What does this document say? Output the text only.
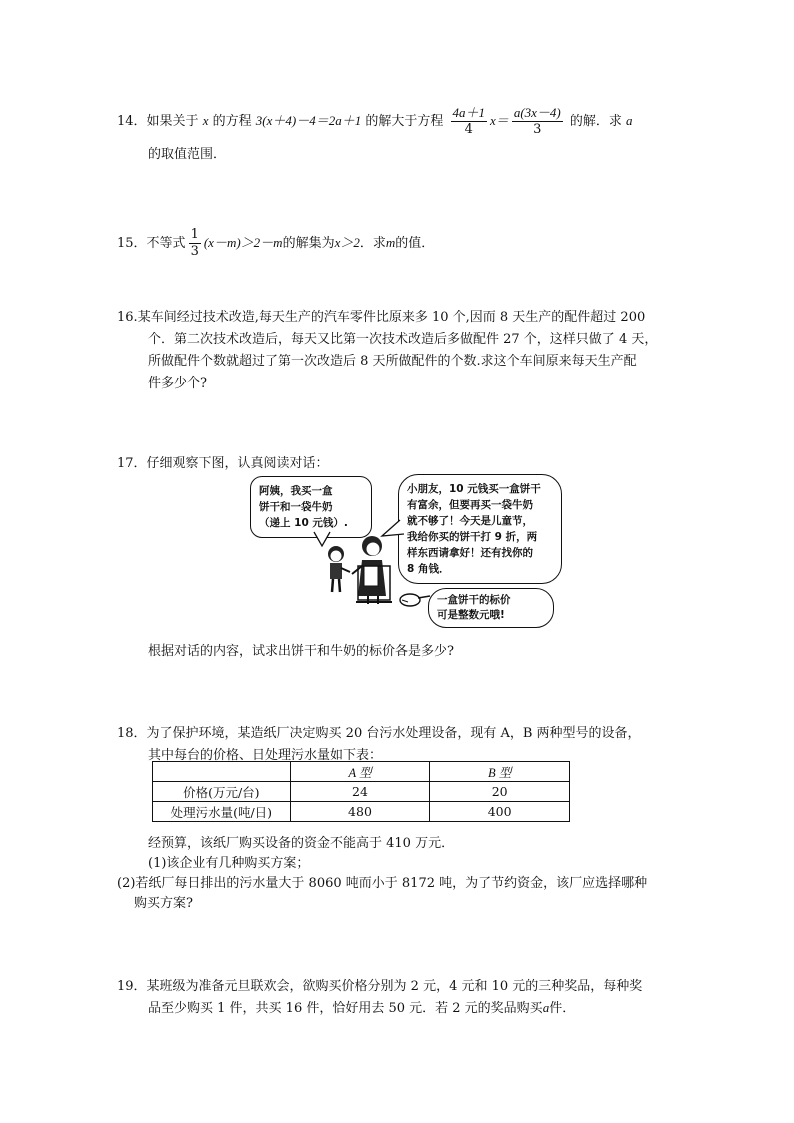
14．如果关于 x 的方程 3(x＋4)－4＝2a＋1 的解大于方程 $\frac{4a+1}{4} x= \frac{a(3x-4)}{3}$ 的解．求 a
的取值范围．
15．不等式 $\frac{1}{3} (x-m)>2-m$的解集为x＞2．求m的值．
16.某车间经过技术改造,每天生产的汽车零件比原来多 10 个,因而 8 天生产的配件超过 200
个．第二次技术改造后，每天又比第一次技术改造后多做配件 27 个，这样只做了 4 天，
所做配件个数就超过了第一次改造后 8 天所做配件的个数.求这个车间原来每天生产配
件多少个?
17．仔细观察下图，认真阅读对话：
阿姨，我买一盒
饼干和一袋牛奶
（递上 10 元钱）.
小朋友，10 元钱买一盒饼干
有富余，但要再买一袋牛奶
就不够了！今天是儿童节，
我给你买的饼干打 9 折，两
样东西请拿好！还有找你的
8 角钱．
一盒饼干的标价
可是整数元哦!
根据对话的内容，试求出饼干和牛奶的标价各是多少?
18．为了保护环境，某造纸厂决定购买 20 台污水处理设备，现有 A，B 两种型号的设备，
其中每台的价格、日处理污水量如下表：
	A 型	B 型
价格(万元/台)	24	20
处理污水量(吨/日)	480	400
经预算，该纸厂购买设备的资金不能高于 410 万元．
(1)该企业有几种购买方案；
(2)若纸厂每日排出的污水量大于 8060 吨而小于 8172 吨，为了节约资金，该厂应选择哪种
购买方案?
19．某班级为准备元旦联欢会，欲购买价格分别为 2 元，4 元和 10 元的三种奖品，每种奖
品至少购买 1 件，共买 16 件，恰好用去 50 元．若 2 元的奖品购买a件．
